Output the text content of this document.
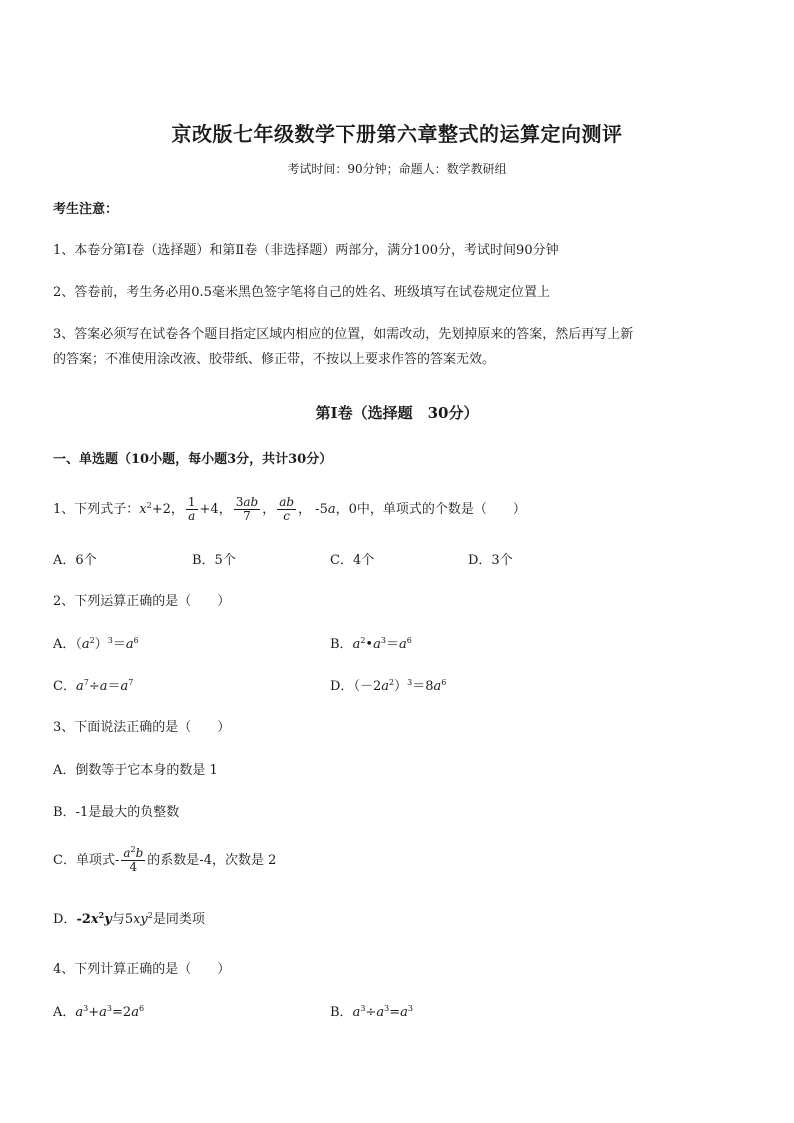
京改版七年级数学下册第六章整式的运算定向测评
考试时间：90分钟；命题人：数学教研组
考生注意：
1、本卷分第Ⅰ卷（选择题）和第Ⅱ卷（非选择题）两部分，满分100分，考试时间90分钟
2、答卷前，考生务必用0.5毫米黑色签字笔将自己的姓名、班级填写在试卷规定位置上
3、答案必须写在试卷各个题目指定区域内相应的位置，如需改动，先划掉原来的答案，然后再写上新
的答案；不准使用涂改液、胶带纸、修正带，不按以上要求作答的答案无效。
第Ⅰ卷（选择题　30分）
一、单选题（10小题，每小题3分，共计30分）
1、下列式子：$x^2+2$， $\frac{1}{a} +4$， $\frac{3ab}{7}$ ， $\frac{ab}{c}$ ， -5a，0中，单项式的个数是（　　）
A．6个	B．5个	C．4个	D．3个
2、下列运算正确的是（　　）
A．$(a^2)^3=a^6$	B．$a^2•a^3=a^6$
C．$a^7\div a=a^7$	D．$(-2a^2)^3=8a^6$
3、下面说法正确的是（　　）
A．倒数等于它本身的数是 1
B．-1是最大的负整数
C．单项式- $\frac{a^2b}{4}$ 的系数是-4，次数是 2
D．$-2x^2y$与$5xy^2$是同类项
4、下列计算正确的是（　　）
A．$a^3+a^3=2a^6$	B．$a^3\div a^3=a^3$
